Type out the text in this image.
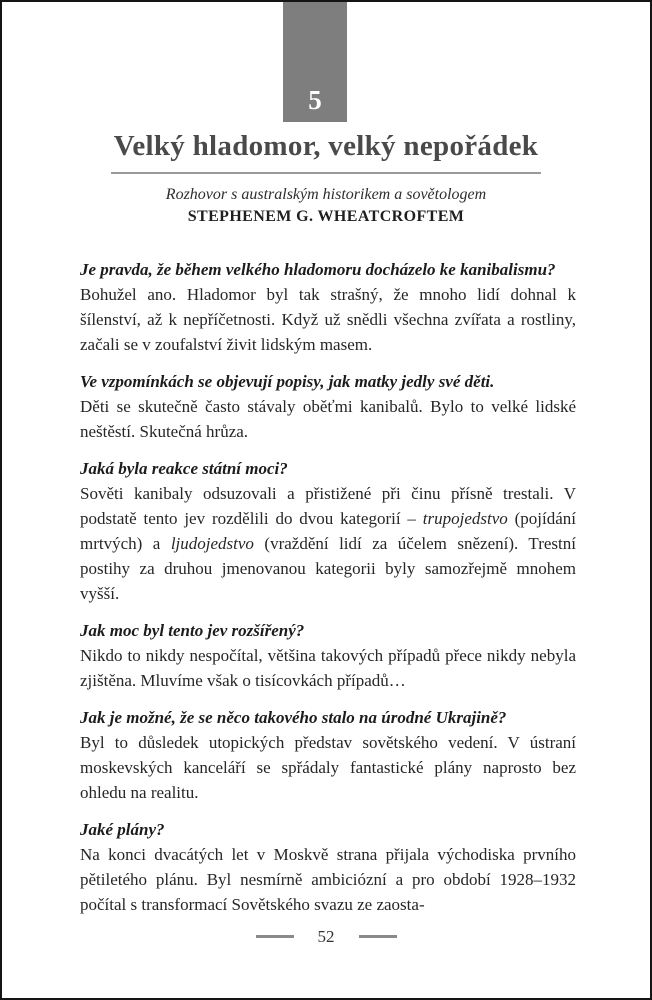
5
Velký hladomor, velký nepořádek

Rozhovor s australským historikem a sovětologem

STEPHENEM G. WHEATCROFTEM

Je pravda, že během velkého hladomoru docházelo ke kanibalismu?

Bohužel ano. Hladomor byl tak strašný, že mnoho lidí dohnal k šílenství, až k nepříčetnosti. Když už snědli všechna zvířata a rostliny, začali se v zoufalství živit lidským masem.

Ve vzpomínkách se objevují popisy, jak matky jedly své děti.

Děti se skutečně často stávaly oběťmi kanibalů. Bylo to velké lidské neštěstí. Skutečná hrůza.

Jaká byla reakce státní moci?

Sověti kanibaly odsuzovali a přistižené při činu přísně trestali. V podstatě tento jev rozdělili do dvou kategorií – trupojedstvo (pojídání mrtvých) a ljudojedstvo (vraždění lidí za účelem snězení). Trestní postihy za druhou jmenovanou kategorii byly samozřejmě mnohem vyšší.

Jak moc byl tento jev rozšířený?

Nikdo to nikdy nespočítal, většina takových případů přece nikdy nebyla zjištěna. Mluvíme však o tisícovkách případů…

Jak je možné, že se něco takového stalo na úrodné Ukrajině?

Byl to důsledek utopických představ sovětského vedení. V ústraní moskevských kanceláří se spřádaly fantastické plány naprosto bez ohledu na realitu.

Jaké plány?

Na konci dvacátých let v Moskvě strana přijala východiska prvního pětiletého plánu. Byl nesmírně ambiciózní a pro období 1928–1932 počítal s transformací Sovětského svazu ze zaosta-

52
